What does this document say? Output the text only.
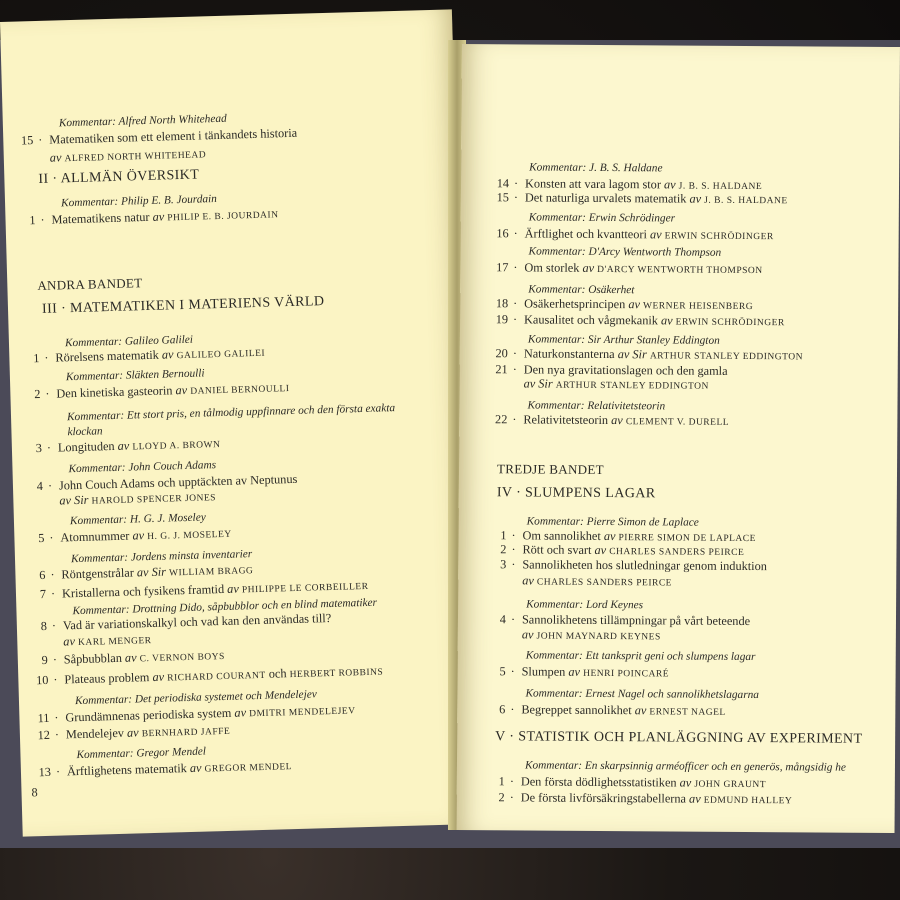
Kommentar: Alfred North Whitehead
15 · Matematiken som ett element i tänkandets historia
av ALFRED NORTH WHITEHEAD
II · ALLMÄN ÖVERSIKT
Kommentar: Philip E. B. Jourdain
1 · Matematikens natur av PHILIP E. B. JOURDAIN
ANDRA BANDET
III · MATEMATIKEN I MATERIENS VÄRLD
Kommentar: Galileo Galilei
1 · Rörelsens matematik av GALILEO GALILEI
Kommentar: Släkten Bernoulli
2 · Den kinetiska gasteorin av DANIEL BERNOULLI
Kommentar: Ett stort pris, en tålmodig uppfinnare och den första exakta
klockan
3 · Longituden av LLOYD A. BROWN
Kommentar: John Couch Adams
4 · John Couch Adams och upptäckten av Neptunus
av Sir HAROLD SPENCER JONES
Kommentar: H. G. J. Moseley
5 · Atomnummer av H. G. J. MOSELEY
Kommentar: Jordens minsta inventarier
6 · Röntgenstrålar av Sir WILLIAM BRAGG
7 · Kristallerna och fysikens framtid av PHILIPPE LE CORBEILLER
Kommentar: Drottning Dido, såpbubblor och en blind matematiker
8 · Vad är variationskalkyl och vad kan den användas till?
av KARL MENGER
9 · Såpbubblan av C. VERNON BOYS
10 · Plateaus problem av RICHARD COURANT och HERBERT ROBBINS
Kommentar: Det periodiska systemet och Mendelejev
11 · Grundämnenas periodiska system av DMITRI MENDELEJEV
12 · Mendelejev av BERNHARD JAFFE
Kommentar: Gregor Mendel
13 · Ärftlighetens matematik av GREGOR MENDEL
8
Kommentar: J. B. S. Haldane
14 · Konsten att vara lagom stor av J. B. S. HALDANE
15 · Det naturliga urvalets matematik av J. B. S. HALDANE
Kommentar: Erwin Schrödinger
16 · Ärftlighet och kvantteori av ERWIN SCHRÖDINGER
Kommentar: D'Arcy Wentworth Thompson
17 · Om storlek av D'ARCY WENTWORTH THOMPSON
Kommentar: Osäkerhet
18 · Osäkerhetsprincipen av WERNER HEISENBERG
19 · Kausalitet och vågmekanik av ERWIN SCHRÖDINGER
Kommentar: Sir Arthur Stanley Eddington
20 · Naturkonstanterna av Sir ARTHUR STANLEY EDDINGTON
21 · Den nya gravitationslagen och den gamla
av Sir ARTHUR STANLEY EDDINGTON
Kommentar: Relativitetsteorin
22 · Relativitetsteorin av CLEMENT V. DURELL
TREDJE BANDET
IV · SLUMPENS LAGAR
Kommentar: Pierre Simon de Laplace
1 · Om sannolikhet av PIERRE SIMON DE LAPLACE
2 · Rött och svart av CHARLES SANDERS PEIRCE
3 · Sannolikheten hos slutledningar genom induktion
av CHARLES SANDERS PEIRCE
Kommentar: Lord Keynes
4 · Sannolikhetens tillämpningar på vårt beteende
av JOHN MAYNARD KEYNES
Kommentar: Ett tanksprit geni och slumpens lagar
5 · Slumpen av HENRI POINCARÉ
Kommentar: Ernest Nagel och sannolikhetslagarna
6 · Begreppet sannolikhet av ERNEST NAGEL
V · STATISTIK OCH PLANLÄGGNING AV EXPERIMENT
Kommentar: En skarpsinnig arméofficer och en generös, mångsidig he
1 · Den första dödlighetsstatistiken av JOHN GRAUNT
2 · De första livförsäkringstabellerna av EDMUND HALLEY
